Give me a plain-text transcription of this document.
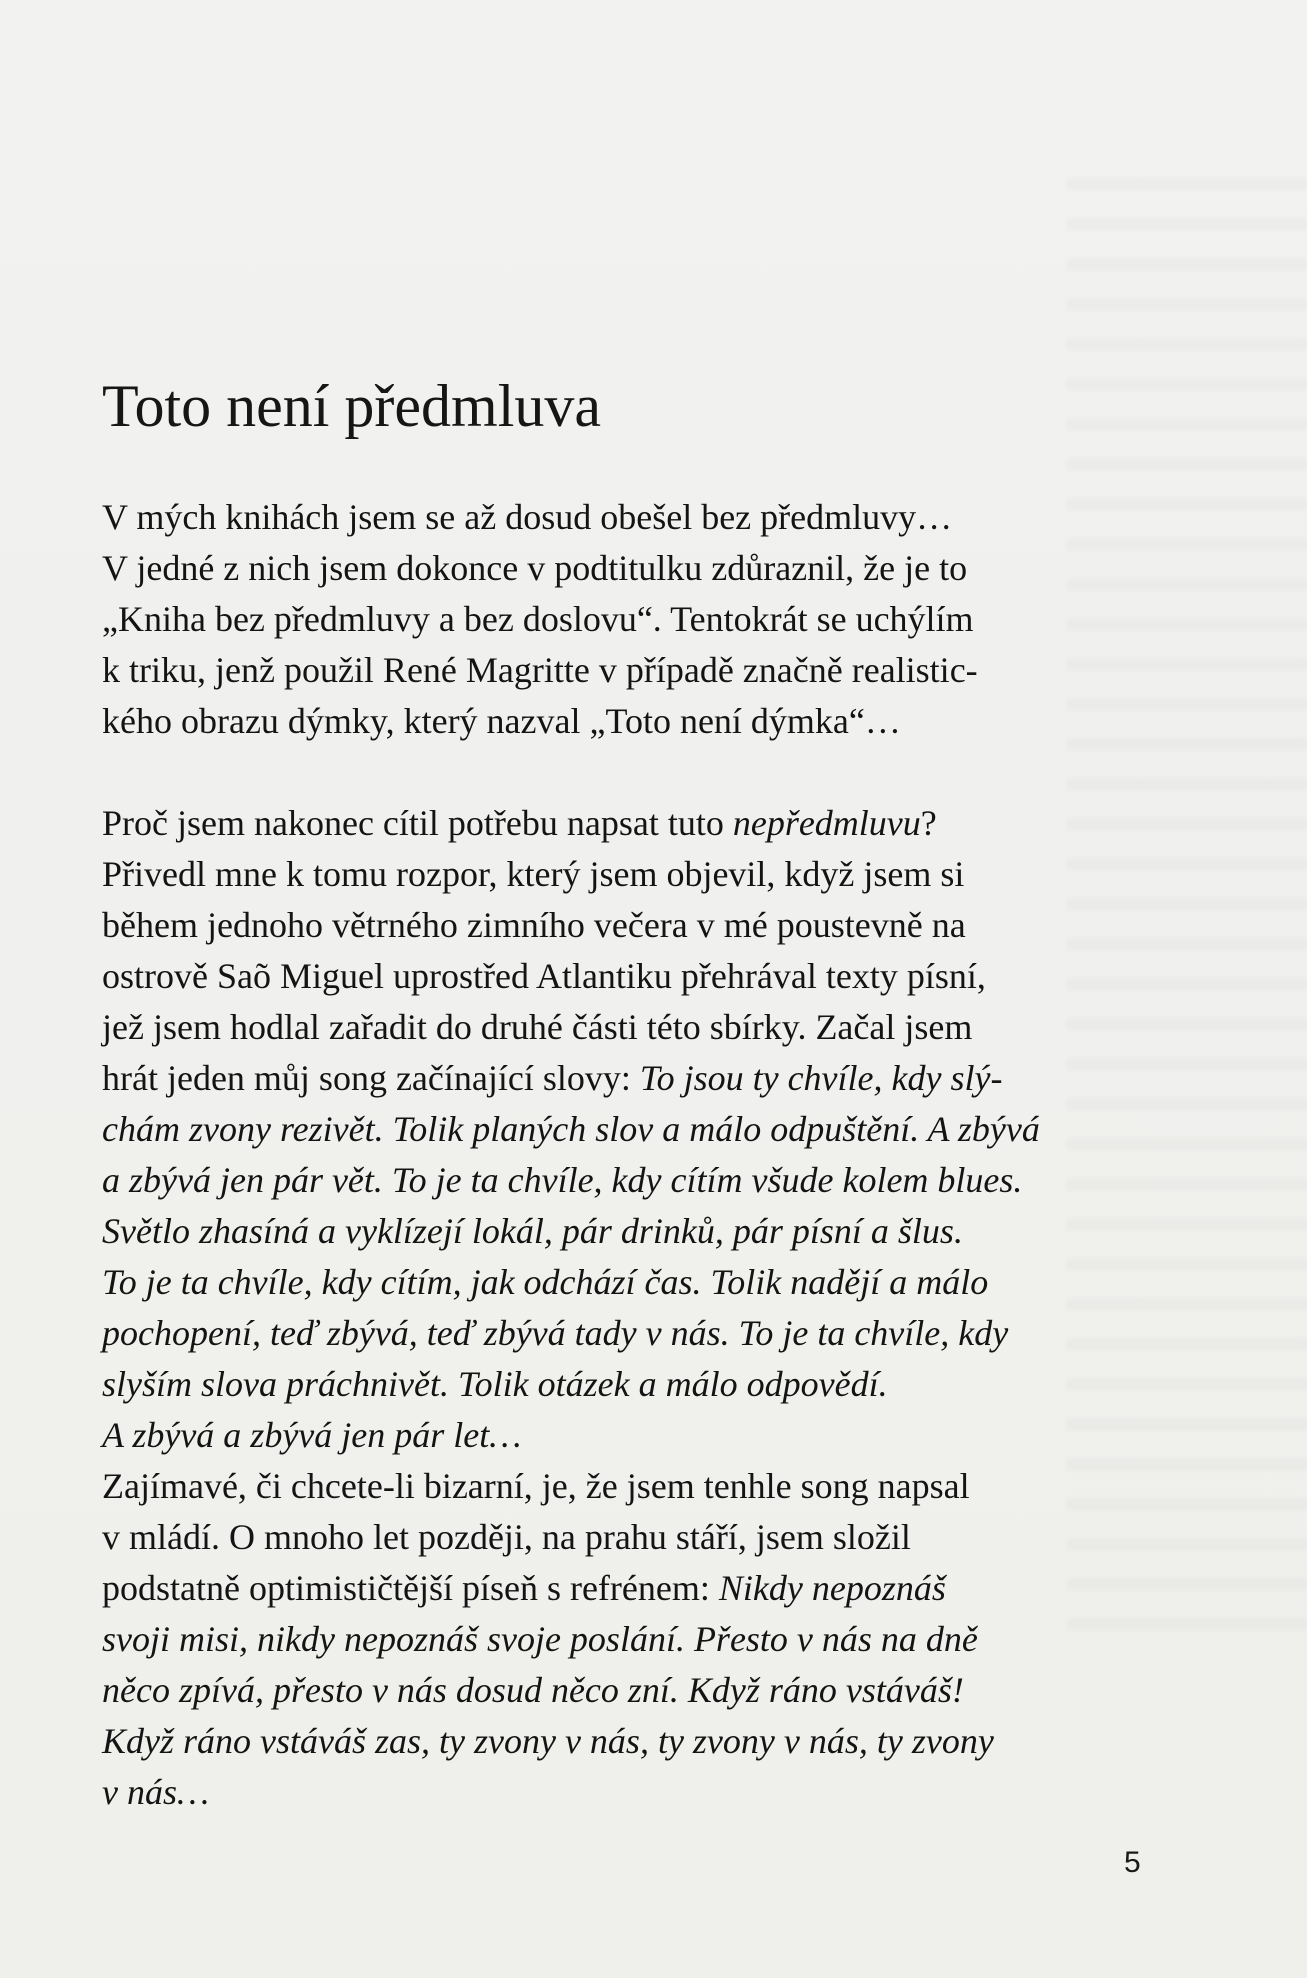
Toto není předmluva
V mých knihách jsem se až dosud obešel bez předmluvy…
V jedné z nich jsem dokonce v podtitulku zdůraznil, že je to
„Kniha bez předmluvy a bez doslovu“. Tentokrát se uchýlím
k triku, jenž použil René Magritte v případě značně realistic-
kého obrazu dýmky, který nazval „Toto není dýmka“…
Proč jsem nakonec cítil potřebu napsat tuto nepředmluvu?
Přivedl mne k tomu rozpor, který jsem objevil, když jsem si
během jednoho větrného zimního večera v mé poustevně na
ostrově Saõ Miguel uprostřed Atlantiku přehrával texty písní,
jež jsem hodlal zařadit do druhé části této sbírky. Začal jsem
hrát jeden můj song začínající slovy: To jsou ty chvíle, kdy slý-
chám zvony rezivět. Tolik planých slov a málo odpuštění. A zbývá
a zbývá jen pár vět. To je ta chvíle, kdy cítím všude kolem blues.
Světlo zhasíná a vyklízejí lokál, pár drinků, pár písní a šlus.
To je ta chvíle, kdy cítím, jak odchází čas. Tolik nadějí a málo
pochopení, teď zbývá, teď zbývá tady v nás. To je ta chvíle, kdy
slyším slova práchnivět. Tolik otázek a málo odpovědí.
A zbývá a zbývá jen pár let…
Zajímavé, či chcete-li bizarní, je, že jsem tenhle song napsal
v mládí. O mnoho let později, na prahu stáří, jsem složil
podstatně optimističtější píseň s refrénem: Nikdy nepoznáš
svoji misi, nikdy nepoznáš svoje poslání. Přesto v nás na dně
něco zpívá, přesto v nás dosud něco zní. Když ráno vstáváš!
Když ráno vstáváš zas, ty zvony v nás, ty zvony v nás, ty zvony
v nás…
5
